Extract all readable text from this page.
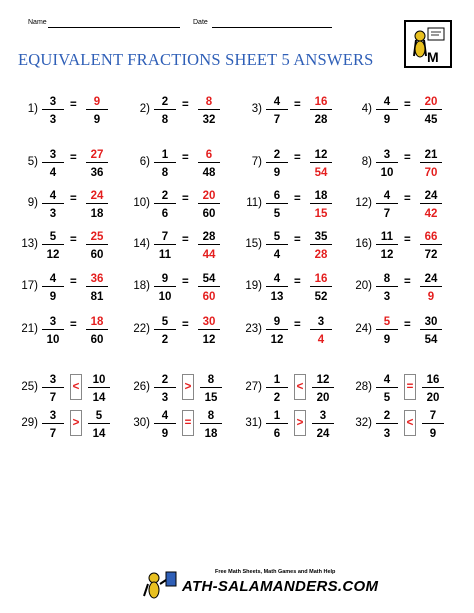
Name	Date
EQUIVALENT FRACTIONS SHEET 5 ANSWERS	M
$1) \frac{3}{3} = \frac{9}{9}$	$2) \frac{2}{8} = \frac{8}{32}$	$3) \frac{4}{7} = \frac{16}{28}$	$4) \frac{4}{9} = \frac{20}{45}$
$5) \frac{3}{4} = \frac{27}{36}$	$6) \frac{1}{8} = \frac{6}{48}$	$7) \frac{2}{9} = \frac{12}{54}$	$8) \frac{3}{10} = \frac{21}{70}$
$9) \frac{4}{3} = \frac{24}{18}$	$10) \frac{2}{6} = \frac{20}{60}$	$11) \frac{6}{5} = \frac{18}{15}$	$12) \frac{4}{7} = \frac{24}{42}$
$13) \frac{5}{12} = \frac{25}{60}$	$14) \frac{7}{11} = \frac{28}{44}$	$15) \frac{5}{4} = \frac{35}{28}$	$16) \frac{11}{12} = \frac{66}{72}$
$17) \frac{4}{9} = \frac{36}{81}$	$18) \frac{9}{10} = \frac{54}{60}$	$19) \frac{4}{13} = \frac{16}{52}$	$20) \frac{8}{3} = \frac{24}{9}$
$21) \frac{3}{10} = \frac{18}{60}$	$22) \frac{5}{2} = \frac{30}{12}$	$23) \frac{9}{12} = \frac{3}{4}$	$24) \frac{5}{9} = \frac{30}{54}$
$25) \frac{3}{7} < \frac{10}{14}$	$26) \frac{2}{3} > \frac{8}{15}$	$27) \frac{1}{2} < \frac{12}{20}$	$28) \frac{4}{5} = \frac{16}{20}$
$29) \frac{3}{7} > \frac{5}{14}$	$30) \frac{4}{9} = \frac{8}{18}$	$31) \frac{1}{6} > \frac{3}{24}$	$32) \frac{2}{3} < \frac{7}{9}$
Free Math Sheets, Math Games and Math Help
ATH-SALAMANDERS.COM
